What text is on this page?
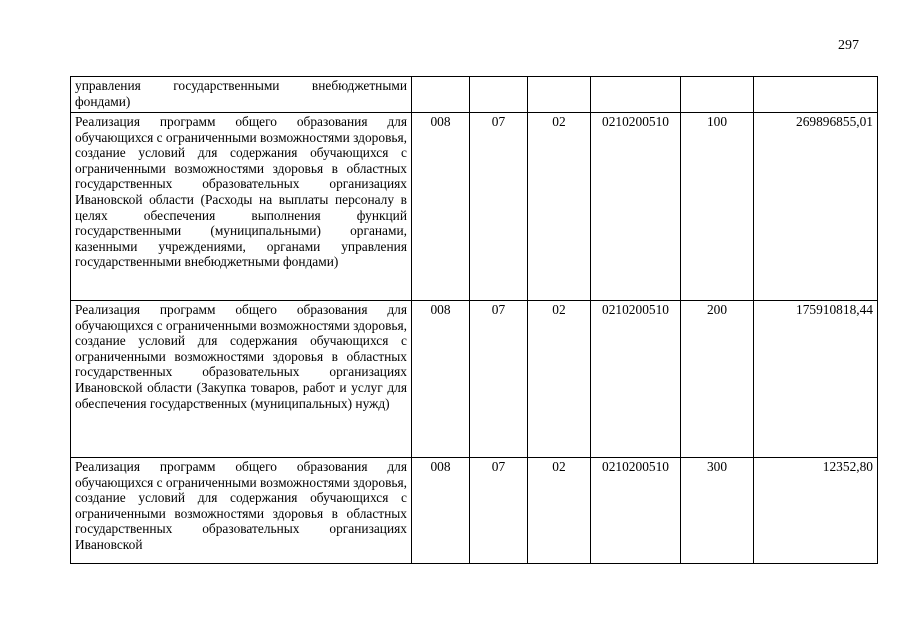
297
управления государственными внебюджетными фондами)						
Реализация программ общего образования для обучающихся с ограниченными возможностями здоровья, создание условий для содержания обучающихся с ограниченными возможностями здоровья в областных государственных образовательных организациях Ивановской области (Расходы на выплаты персоналу в целях обеспечения выполнения функций государственными (муниципальными) органами, казенными учреждениями, органами управления государственными внебюджетными фондами)	008	07	02	0210200510	100	269896855,01
Реализация программ общего образования для обучающихся с ограниченными возможностями здоровья, создание условий для содержания обучающихся с ограниченными возможностями здоровья в областных государственных образовательных организациях Ивановской области (Закупка товаров, работ и услуг для обеспечения государственных (муниципальных) нужд)	008	07	02	0210200510	200	175910818,44
Реализация программ общего образования для обучающихся с ограниченными возможностями здоровья, создание условий для содержания обучающихся с ограниченными возможностями здоровья в областных государственных образовательных организациях Ивановской	008	07	02	0210200510	300	12352,80
